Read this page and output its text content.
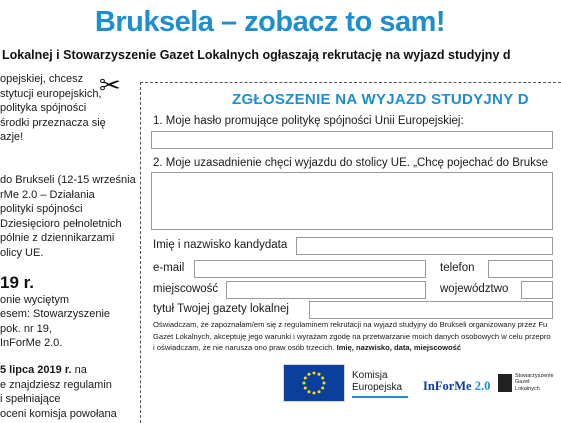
Bruksela – zobacz to sam!
Lokalnej i Stowarzyszenie Gazet Lokalnych ogłaszają rekrutację na wyjazd studyjny d

opejskiej, chcesz

stytucji europejskich,

polityka spójności

środki przeznacza się

azje!

do Brukseli (12-15 września

rMe 2.0 – Działania

polityki spójności

Dziesięcioro pełnoletnich

pólnie z dziennikarzami

olicy UE.

19 r.

onie wyciętym

esem: Stowarzyszenie

pok. nr 19,

InForMe 2.0.

5 lipca 2019 r. na

e znajdziesz regulamin

i spełniające

oceni komisja powołana

✂	ZGŁOSZENIE NA WYJAZD STUDYJNY D
1. Moje hasło promujące politykę spójności Unii Europejskiej:
2. Moje uzasadnienie chęci wyjazdu do stolicy UE. „Chcę pojechać do Brukse
Imię i nazwisko kandydata
e-mail	telefon
miejscowość	województwo
tytuł Twojej gazety lokalnej
Oświadczam, że zapoznałam/em się z regulaminem rekrutacji na wyjazd studyjny do Brukseli organizowany przez Fu
Gazet Lokalnych, akceptuję jego warunki i wyrażam zgodę na przetwarzanie moich danych osobowych w celu przepro
i oświadczam, że nie narusza ono praw osób trzecich. Imię, nazwisko, data, miejscowość
Komisja
Europejska InForMe 2.0
Stowarzyszenie
Gazet
Lokalnych
